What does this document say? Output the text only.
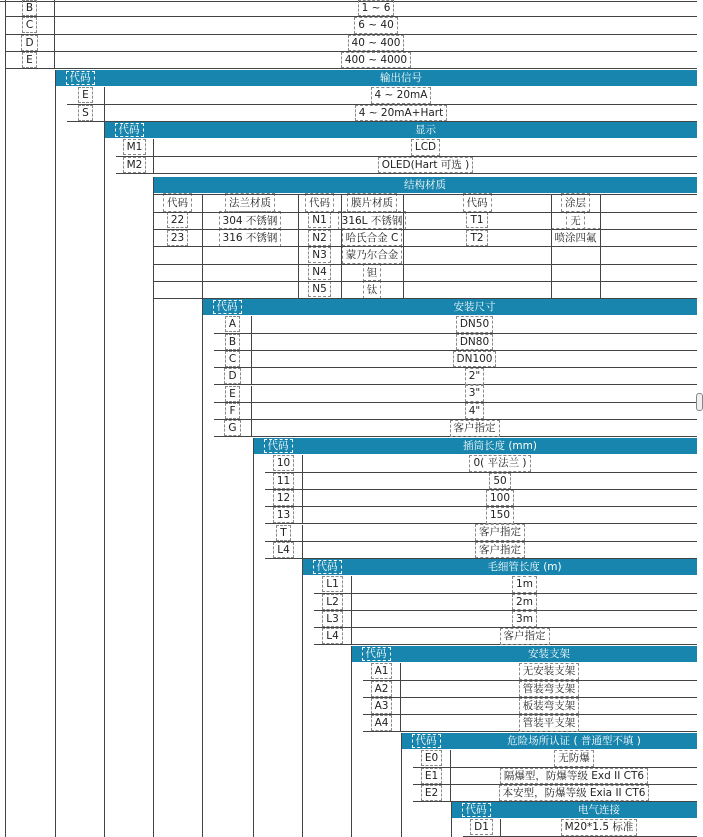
B	1 ~ 6
C	6 ~ 40
D	40 ~ 400
E	400 ~ 4000
代码	输出信号
E	4 ~ 20mA
S	4 ~ 20mA+Hart
代码	显示
M1	LCD
M2	OLED(Hart 可选 )
结构材质
代码	法兰材质	代码	膜片材质	代码	涂层
22	304 不锈钢	N1	316L 不锈钢	T1	无
23	316 不锈钢	N2	哈氏合金 C	T2	喷涂四氟
N3	蒙乃尔合金
N4	钽
N5	钛
代码	安装尺寸
A	DN50
B	DN80
C	DN100
D	2"
E	3"
F	4"
G	客户指定
代码	插筒长度 (mm)
10	0( 平法兰 )
11	50
12	100
13	150
T	客户指定
L4	客户指定
代码	毛细管长度 (m)
L1	1m
L2	2m
L3	3m
L4	客户指定
代码	安装支架
A1	无安装支架
A2	管装弯支架
A3	板装弯支架
A4	管装平支架
代码	危险场所认证 ( 普通型不填 )
E0	无防爆
E1	隔爆型，防爆等级 Exd II CT6
E2	本安型，防爆等级 Exia II CT6
代码	电气连接
D1	M20*1.5 标准
